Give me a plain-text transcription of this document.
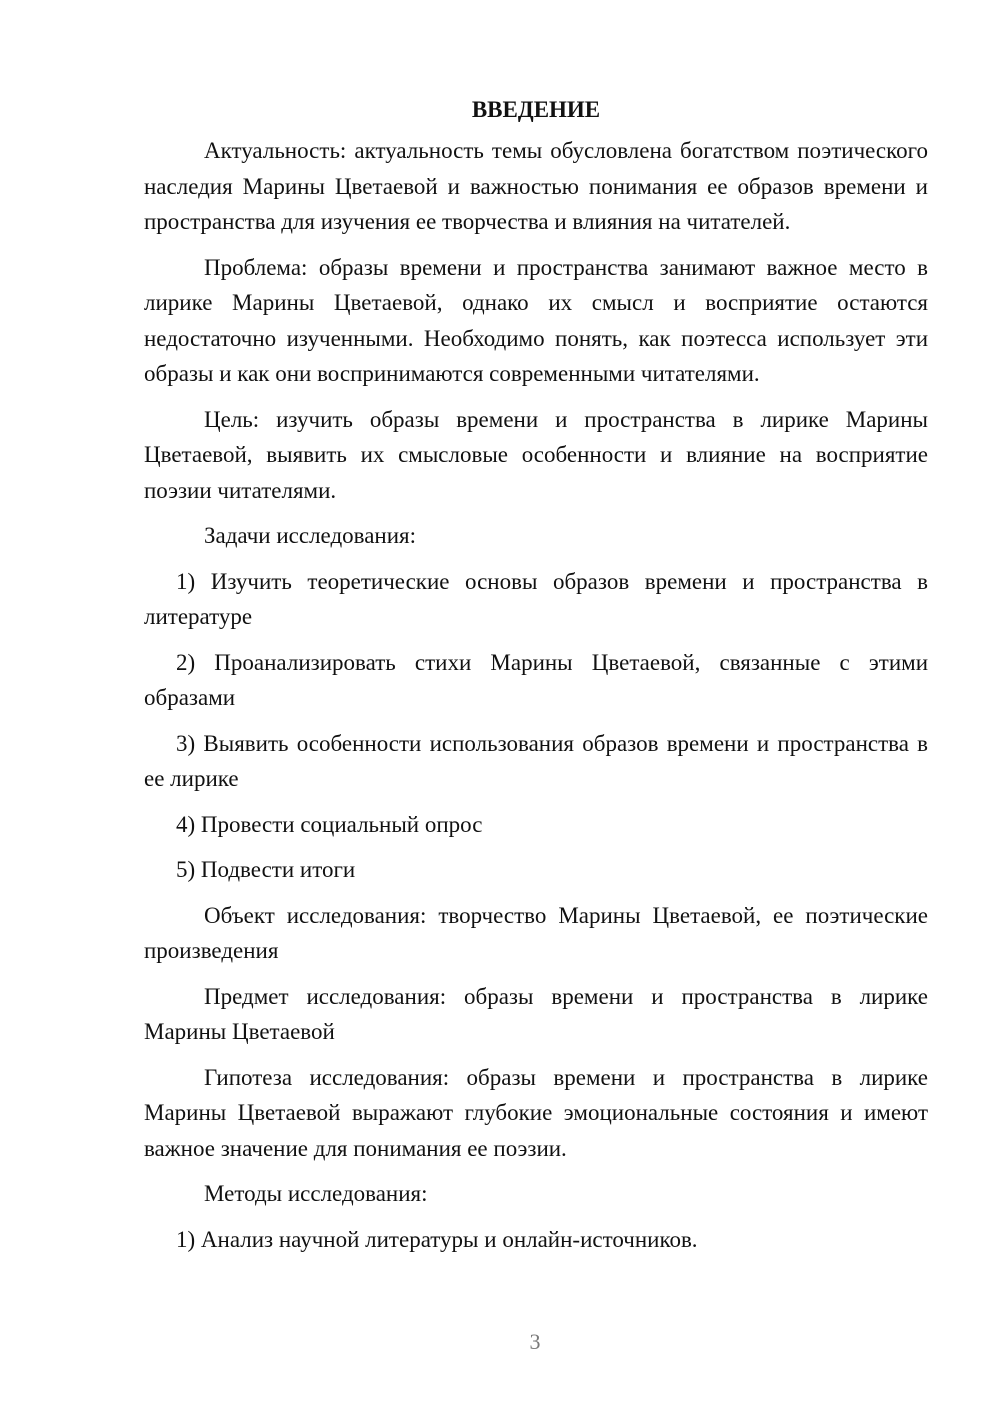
ВВЕДЕНИЕ

Актуальность: актуальность темы обусловлена богатством поэтического наследия Марины Цветаевой и важностью понимания ее образов времени и пространства для изучения ее творчества и влияния на читателей.

Проблема: образы времени и пространства занимают важное место в лирике Марины Цветаевой, однако их смысл и восприятие остаются недостаточно изученными. Необходимо понять, как поэтесса использует эти образы и как они воспринимаются современными читателями.

Цель: изучить образы времени и пространства в лирике Марины Цветаевой, выявить их смысловые особенности и влияние на восприятие поэзии читателями.

Задачи исследования:

1) Изучить теоретические основы образов времени и пространства в литературе

2) Проанализировать стихи Марины Цветаевой, связанные с этими образами

3) Выявить особенности использования образов времени и пространства в ее лирике

4) Провести социальный опрос

5) Подвести итоги

Объект исследования: творчество Марины Цветаевой, ее поэтические произведения

Предмет исследования: образы времени и пространства в лирике Марины Цветаевой

Гипотеза исследования: образы времени и пространства в лирике Марины Цветаевой выражают глубокие эмоциональные состояния и имеют важное значение для понимания ее поэзии.

Методы исследования:

1) Анализ научной литературы и онлайн-источников.

3
